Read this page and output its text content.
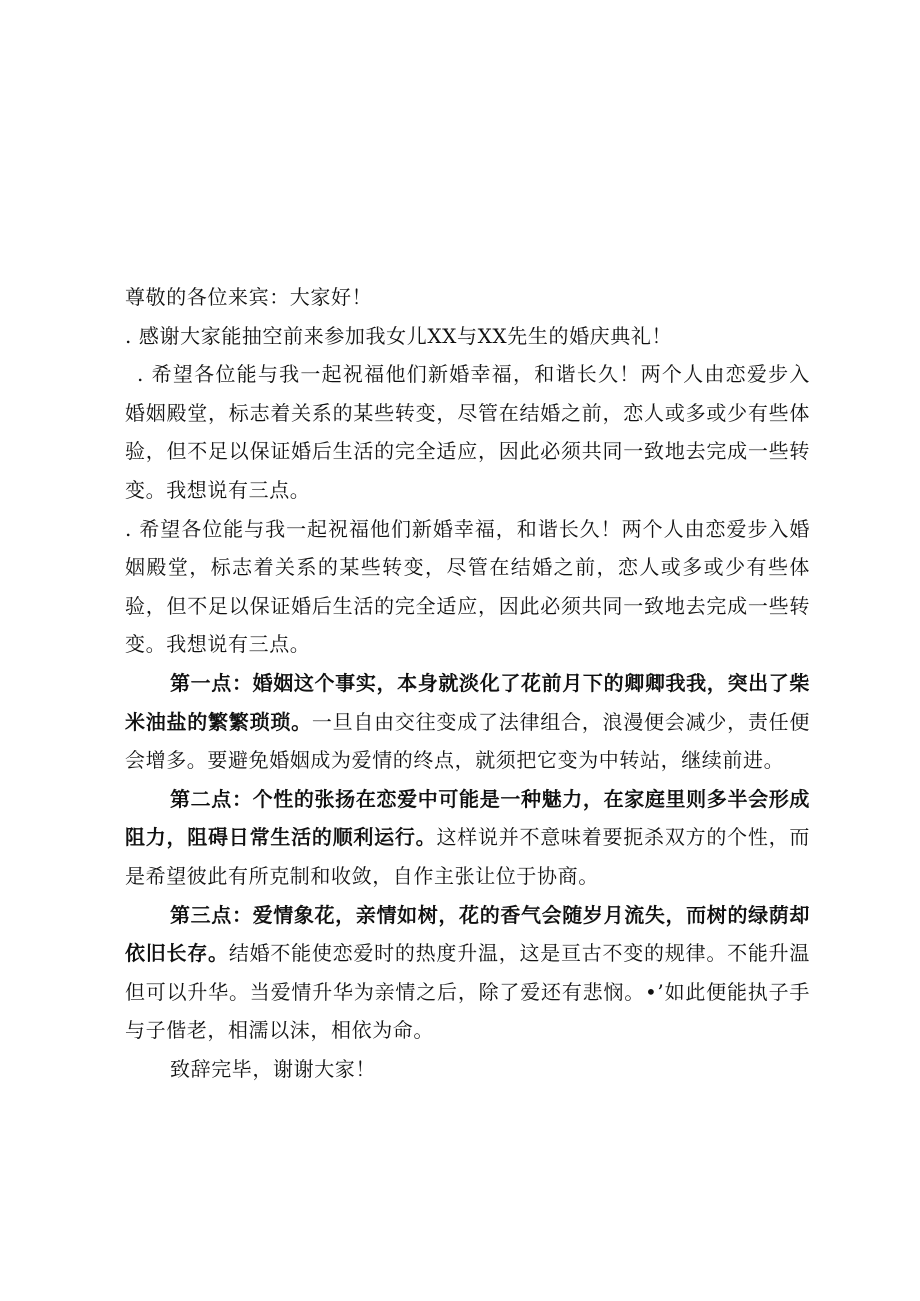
尊敬的各位来宾：大家好！

. 感谢大家能抽空前来参加我女儿XX与XX先生的婚庆典礼！

. 希望各位能与我一起祝福他们新婚幸福，和谐长久！两个人由恋爱步入婚姻殿堂，标志着关系的某些转变，尽管在结婚之前，恋人或多或少有些体验，但不足以保证婚后生活的完全适应，因此必须共同一致地去完成一些转变。我想说有三点。

. 希望各位能与我一起祝福他们新婚幸福，和谐长久！两个人由恋爱步入婚姻殿堂，标志着关系的某些转变，尽管在结婚之前，恋人或多或少有些体验，但不足以保证婚后生活的完全适应，因此必须共同一致地去完成一些转变。我想说有三点。

第一点：婚姻这个事实，本身就淡化了花前月下的卿卿我我，突出了柴米油盐的繁繁琐琐。一旦自由交往变成了法律组合，浪漫便会减少，责任便会增多。要避免婚姻成为爱情的终点，就须把它变为中转站，继续前进。

第二点：个性的张扬在恋爱中可能是一种魅力，在家庭里则多半会形成阻力，阻碍日常生活的顺利运行。这样说并不意味着要扼杀双方的个性，而是希望彼此有所克制和收敛，自作主张让位于协商。

第三点：爱情象花，亲情如树，花的香气会随岁月流失，而树的绿荫却依旧长存。结婚不能使恋爱时的热度升温，这是亘古不变的规律。不能升温但可以升华。当爱情升华为亲情之后，除了爱还有悲悯。•’如此便能执子手与子偕老，相濡以沫，相依为命。

致辞完毕，谢谢大家！
